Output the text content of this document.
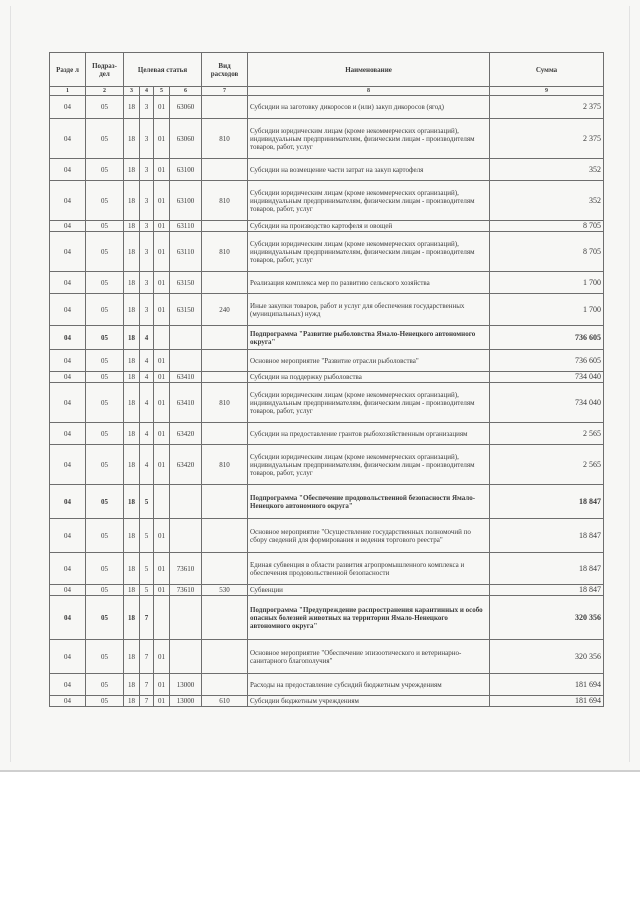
Разде л	Подраз- дел	Целевая статья				Вид расходов	Наименование	Сумма
1	2	3	4	5	6	7	8	9
04	05	18	3	01	63060		Субсидии на заготовку дикоросов и (или) закуп дикоросов (ягод)	2 375
04	05	18	3	01	63060	810	Субсидии юридическим лицам (кроме некоммерческих организаций), индивидуальным предпринимателям, физическим лицам - производителям товаров, работ, услуг	2 375
04	05	18	3	01	63100		Субсидии на возмещение части затрат на закуп картофеля	352
04	05	18	3	01	63100	810	Субсидии юридическим лицам (кроме некоммерческих организаций), индивидуальным предпринимателям, физическим лицам - производителям товаров, работ, услуг	352
04	05	18	3	01	63110		Субсидии на производство картофеля и овощей	8 705
04	05	18	3	01	63110	810	Субсидии юридическим лицам (кроме некоммерческих организаций), индивидуальным предпринимателям, физическим лицам - производителям товаров, работ, услуг	8 705
04	05	18	3	01	63150		Реализация комплекса мер по развитию сельского хозяйства	1 700
04	05	18	3	01	63150	240	Иные закупки товаров, работ и услуг для обеспечения государственных (муниципальных) нужд	1 700
04	05	18	4				Подпрограмма "Развитие рыболовства Ямало-Ненецкого автономного округа"	736 605
04	05	18	4	01			Основное мероприятие "Развитие отрасли рыболовства"	736 605
04	05	18	4	01	63410		Субсидии на поддержку рыболовства	734 040
04	05	18	4	01	63410	810	Субсидии юридическим лицам (кроме некоммерческих организаций), индивидуальным предпринимателям, физическим лицам - производителям товаров, работ, услуг	734 040
04	05	18	4	01	63420		Субсидии на предоставление грантов рыбохозяйственным организациям	2 565
04	05	18	4	01	63420	810	Субсидии юридическим лицам (кроме некоммерческих организаций), индивидуальным предпринимателям, физическим лицам - производителям товаров, работ, услуг	2 565
04	05	18	5				Подпрограмма "Обеспечение продовольственной безопасности Ямало-Ненецкого автономного округа"	18 847
04	05	18	5	01			Основное мероприятие "Осуществление государственных полномочий по сбору сведений для формирования и ведения торгового реестра"	18 847
04	05	18	5	01	73610		Единая субвенция в области развития агропромышленного комплекса и обеспечения продовольственной безопасности	18 847
04	05	18	5	01	73610	530	Субвенции	18 847
04	05	18	7				Подпрограмма "Предупреждение распространения карантинных и особо опасных болезней животных на территории Ямало-Ненецкого автономного округа"	320 356
04	05	18	7	01			Основное мероприятие "Обеспечение эпизоотического и ветеринарно-санитарного благополучия"	320 356
04	05	18	7	01	13000		Расходы на предоставление субсидий бюджетным учреждениям	181 694
04	05	18	7	01	13000	610	Субсидии бюджетным учреждениям	181 694
